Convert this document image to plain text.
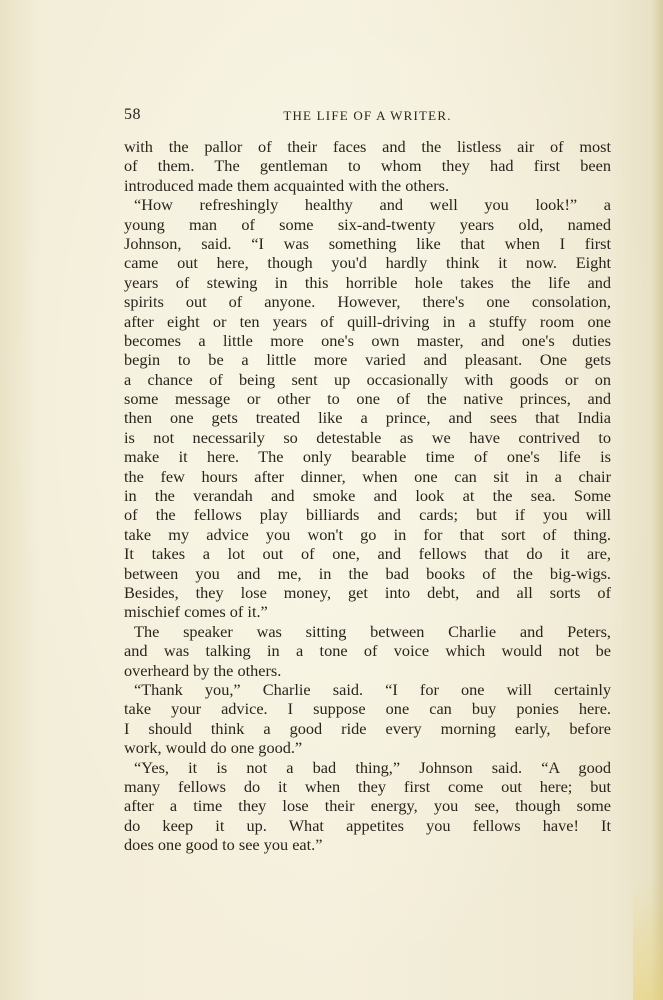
58	THE LIFE OF A WRITER.
with the pallor of their faces and the listless air of most
of them. The gentleman to whom they had first been
introduced made them acquainted with the others.
“How refreshingly healthy and well you look!” a
young man of some six-and-twenty years old, named
Johnson, said. “I was something like that when I first
came out here, though you'd hardly think it now. Eight
years of stewing in this horrible hole takes the life and
spirits out of anyone. However, there's one consolation,
after eight or ten years of quill-driving in a stuffy room one
becomes a little more one's own master, and one's duties
begin to be a little more varied and pleasant. One gets
a chance of being sent up occasionally with goods or on
some message or other to one of the native princes, and
then one gets treated like a prince, and sees that India
is not necessarily so detestable as we have contrived to
make it here. The only bearable time of one's life is
the few hours after dinner, when one can sit in a chair
in the verandah and smoke and look at the sea. Some
of the fellows play billiards and cards; but if you will
take my advice you won't go in for that sort of thing.
It takes a lot out of one, and fellows that do it are,
between you and me, in the bad books of the big-wigs.
Besides, they lose money, get into debt, and all sorts of
mischief comes of it.”
The speaker was sitting between Charlie and Peters,
and was talking in a tone of voice which would not be
overheard by the others.
“Thank you,” Charlie said. “I for one will certainly
take your advice. I suppose one can buy ponies here.
I should think a good ride every morning early, before
work, would do one good.”
“Yes, it is not a bad thing,” Johnson said. “A good
many fellows do it when they first come out here; but
after a time they lose their energy, you see, though some
do keep it up. What appetites you fellows have! It
does one good to see you eat.”
